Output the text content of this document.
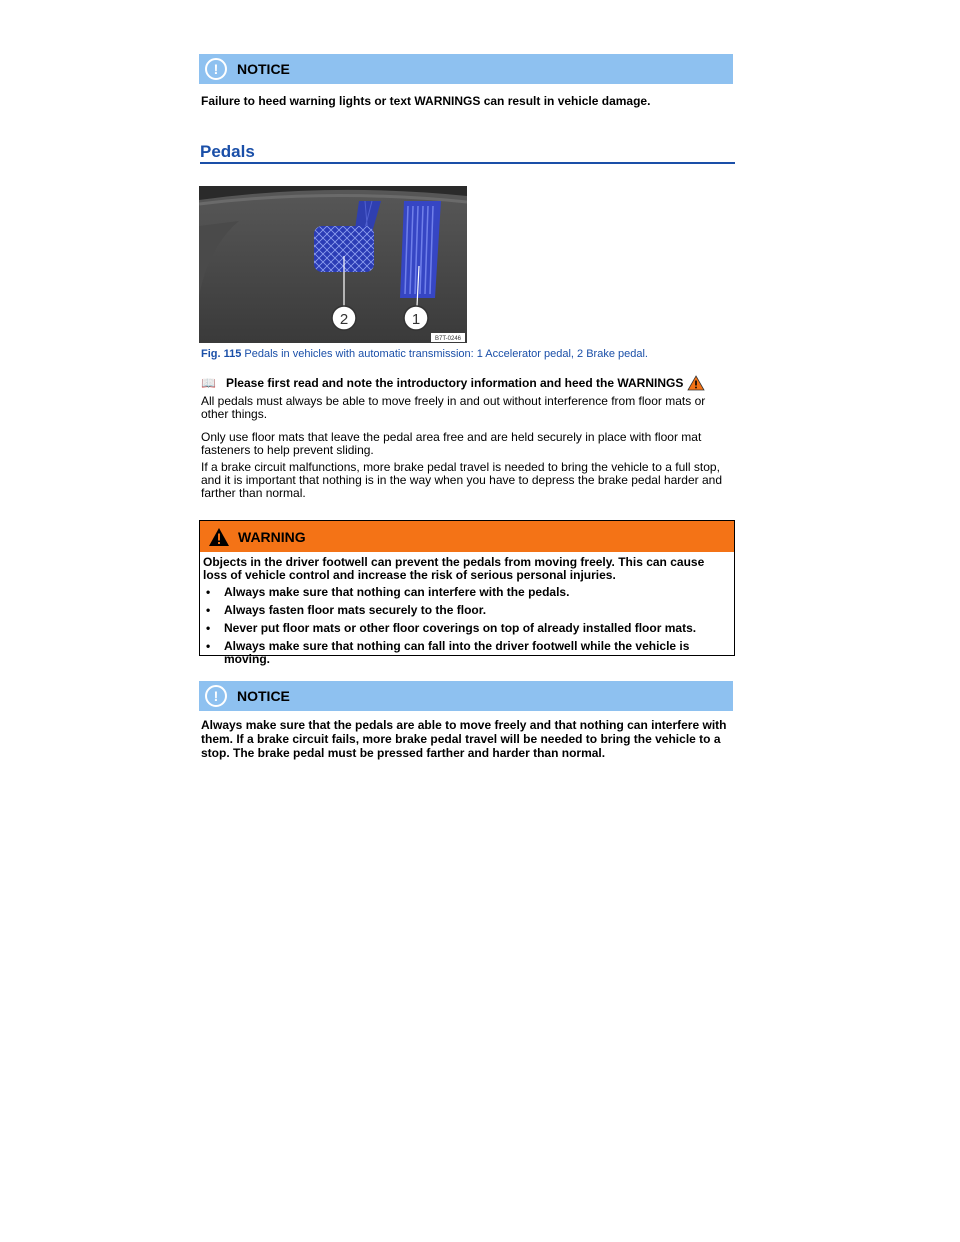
!	NOTICE
Failure to heed warning lights or text WARNINGS can result in vehicle damage.
Pedals
2	1
B7T-0246
Fig. 115 Pedals in vehicles with automatic transmission: 1 Accelerator pedal, 2 Brake pedal.
📖 Please first read and note the introductory information and heed the WARNINGS
All pedals must always be able to move freely in and out without interference from floor mats or other things.
Only use floor mats that leave the pedal area free and are held securely in place with floor mat fasteners to help prevent sliding.
If a brake circuit malfunctions, more brake pedal travel is needed to bring the vehicle to a full stop, and it is important that nothing is in the way when you have to depress the brake pedal harder and farther than normal.
WARNING
Objects in the driver footwell can prevent the pedals from moving freely. This can cause loss of vehicle control and increase the risk of serious personal injuries.
• Always make sure that nothing can interfere with the pedals.
• Always fasten floor mats securely to the floor.
• Never put floor mats or other floor coverings on top of already installed floor mats.
• Always make sure that nothing can fall into the driver footwell while the vehicle is moving.
!	NOTICE
Always make sure that the pedals are able to move freely and that nothing can interfere with them. If a brake circuit fails, more brake pedal travel will be needed to bring the vehicle to a stop. The brake pedal must be pressed farther and harder than normal.
